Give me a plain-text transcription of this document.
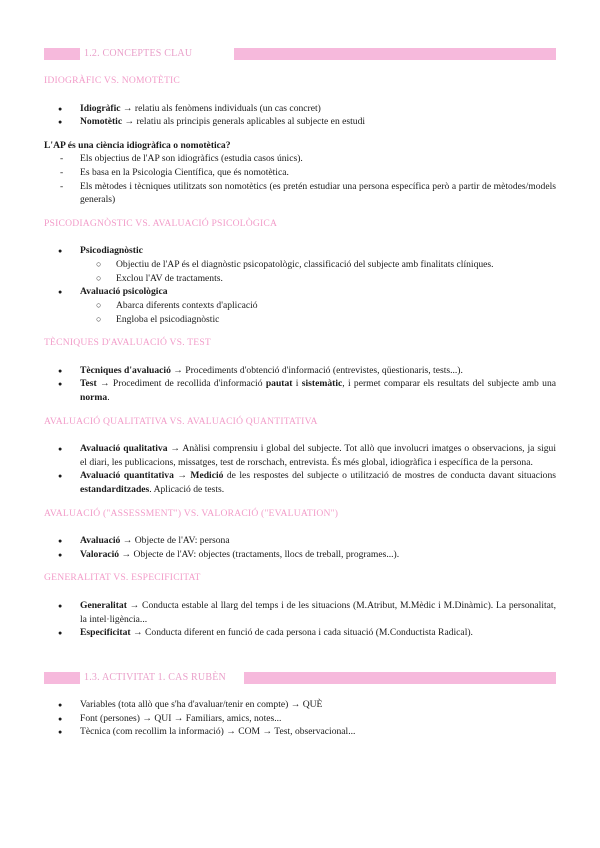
1.2. CONCEPTES CLAU
IDIOGRÀFIC VS. NOMOTÈTIC
● Idiogràfic → relatiu als fenòmens individuals (un cas concret)
● Nomotètic → relatiu als principis generals aplicables al subjecte en estudi
L'AP és una ciència idiogràfica o nomotètica?
- Els objectius de l'AP son idiogràfics (estudia casos únics).
- Es basa en la Psicologia Científica, que és nomotètica.
- Els mètodes i tècniques utilitzats son nomotètics (es pretén estudiar una persona específica però a partir de mètodes/models generals)
PSICODIAGNÒSTIC VS. AVALUACIÓ PSICOLÒGICA
● Psicodiagnòstic
○ Objectiu de l'AP és el diagnòstic psicopatològic, classificació del subjecte amb finalitats clíniques.
○ Exclou l'AV de tractaments.
● Avaluació psicològica
○ Abarca diferents contexts d'aplicació
○ Engloba el psicodiagnòstic
TÈCNIQUES D'AVALUACIÓ VS. TEST
● Tècniques d'avaluació → Procediments d'obtenció d'informació (entrevistes, qüestionaris, tests...).
● Test → Procediment de recollida d'informació pautat i sistemàtic, i permet comparar els resultats del subjecte amb una norma.
AVALUACIÓ QUALITATIVA VS. AVALUACIÓ QUANTITATIVA
● Avaluació qualitativa → Anàlisi comprensiu i global del subjecte. Tot allò que involucri imatges o observacions, ja sigui el diari, les publicacions, missatges, test de rorschach, entrevista. És més global, idiogràfica i específica de la persona.
● Avaluació quantitativa → Medició de les respostes del subjecte o utilització de mostres de conducta davant situacions estandarditzades. Aplicació de tests.
AVALUACIÓ ("ASSESSMENT") VS. VALORACIÓ ("EVALUATION")
● Avaluació → Objecte de l'AV: persona
● Valoració → Objecte de l'AV: objectes (tractaments, llocs de treball, programes...).
GENERALITAT VS. ESPECIFICITAT
● Generalitat → Conducta estable al llarg del temps i de les situacions (M.Atribut, M.Mèdic i M.Dinàmic). La personalitat, la intel·ligència...
● Especificitat → Conducta diferent en funció de cada persona i cada situació (M.Conductista Radical).
1.3. ACTIVITAT 1. CAS RUBÈN
● Variables (tota allò que s'ha d'avaluar/tenir en compte) → QUÈ
● Font (persones) → QUI → Familiars, amics, notes...
● Tècnica (com recollim la informació) → COM → Test, observacional...
